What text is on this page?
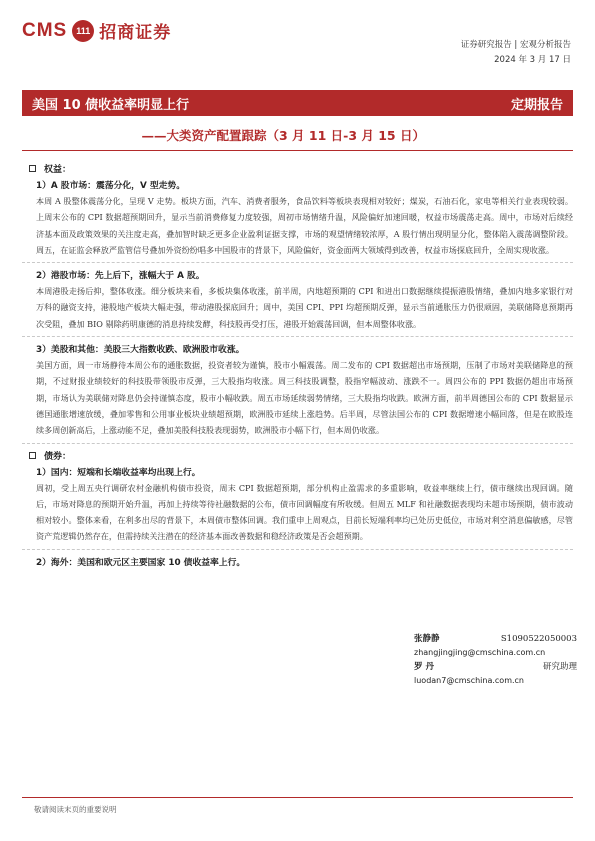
CMS 111 招商证券
证券研究报告 | 宏观分析报告
2024 年 3 月 17 日
美国 10 债收益率明显上行	定期报告
——大类资产配置跟踪（3 月 11 日-3 月 15 日）
权益：
1）A 股市场：震荡分化，V 型走势。
本周 A 股整体震荡分化，呈现 V 走势。板块方面，汽车、消费者服务，食品饮料等板块表现相对较好；煤炭，石油石化，家电等相关行业表现较弱。上周末公布的 CPI 数据超预期回升，显示当前消费修复力度较强，周初市场情绪升温，风险偏好加速回暖，权益市场震荡走高。周中，市场对后续经济基本面及政策效果的关注度走高，叠加智时缺乏更多企业盈利证据支撑，市场的观望情绪较浓厚，A 股行情出现明显分化，整体陷入震荡调整阶段。周五，在证监会释放严监管信号叠加外资纷纷唱多中国股市的背景下，风险偏好，资金面两大领域得到改善，权益市场探底回升，全周实现收涨。
2）港股市场：先上后下，涨幅大于 A 股。
本周港股走扬后抑，整体收涨。细分板块来看，多板块集体收涨，前半周，内地超预期的 CPI 和进出口数据继续提振港股情绪，叠加内地多家银行对万科的融资支持，港股地产板块大幅走强，带动港股探底回升；周中，美国 CPI、PPI 均超预期反弹，显示当前通胀压力仍很顽固，美联储降息预期再次受阻，叠加 BIO 剔除药明康德的消息持续发酵，科技股再受打压，港股开始震荡回调，但本周整体收涨。
3）美股和其他：美股三大指数收跌、欧洲股市收涨。
美国方面，周一市场静待本周公布的通胀数据，投资者较为谨慎，股市小幅震荡。周二发布的 CPI 数据超出市场预期，压制了市场对美联储降息的预期，不过财报业绩较好的科技股带领股市反弹，三大股指均收涨。周三科技股调整，股指窄幅波动、涨跌不一。周四公布的 PPI 数据仍超出市场预期，市场认为美联储对降息仍会持谨慎态度，股市小幅收跌。周五市场延续弱势情绪，三大股指均收跌。欧洲方面，前半周德国公布的 CPI 数据显示德国通胀增速放缓，叠加零售和公用事业板块业绩超预期，欧洲股市延续上涨趋势。后半周，尽管法国公布的 CPI 数据增速小幅回落，但是在欧股连续多周创新高后，上涨动能不足，叠加美股科技股表现弱势，欧洲股市小幅下行，但本周仍收涨。
债券：
1）国内：短端和长端收益率均出现上行。
周初，受上周五央行调研农村金融机构债市投资，周末 CPI 数据超预期，部分机构止盈需求的多重影响，收益率继续上行，债市继续出现回调。随后，市场对降息的预期开始升温，再加上持续等待社融数据的公布，债市回调幅度有所收缓。但周五 MLF 和社融数据表现均未超市场预期，债市波动相对较小。整体来看，在利多出尽的背景下，本周债市整体回调。我们重申上周观点，目前长短端利率均已处历史低位，市场对利空消息偏敏感，尽管资产荒逻辑仍然存在，但需持续关注潜在的经济基本面改善数据和稳经济政策是否会超预期。
2）海外：美国和欧元区主要国家 10 债收益率上行。
张静静	S1090522050003
zhangjingjing@cmschina.com.cn
罗 丹	研究助理
luodan7@cmschina.com.cn
敬请阅读末页的重要说明
